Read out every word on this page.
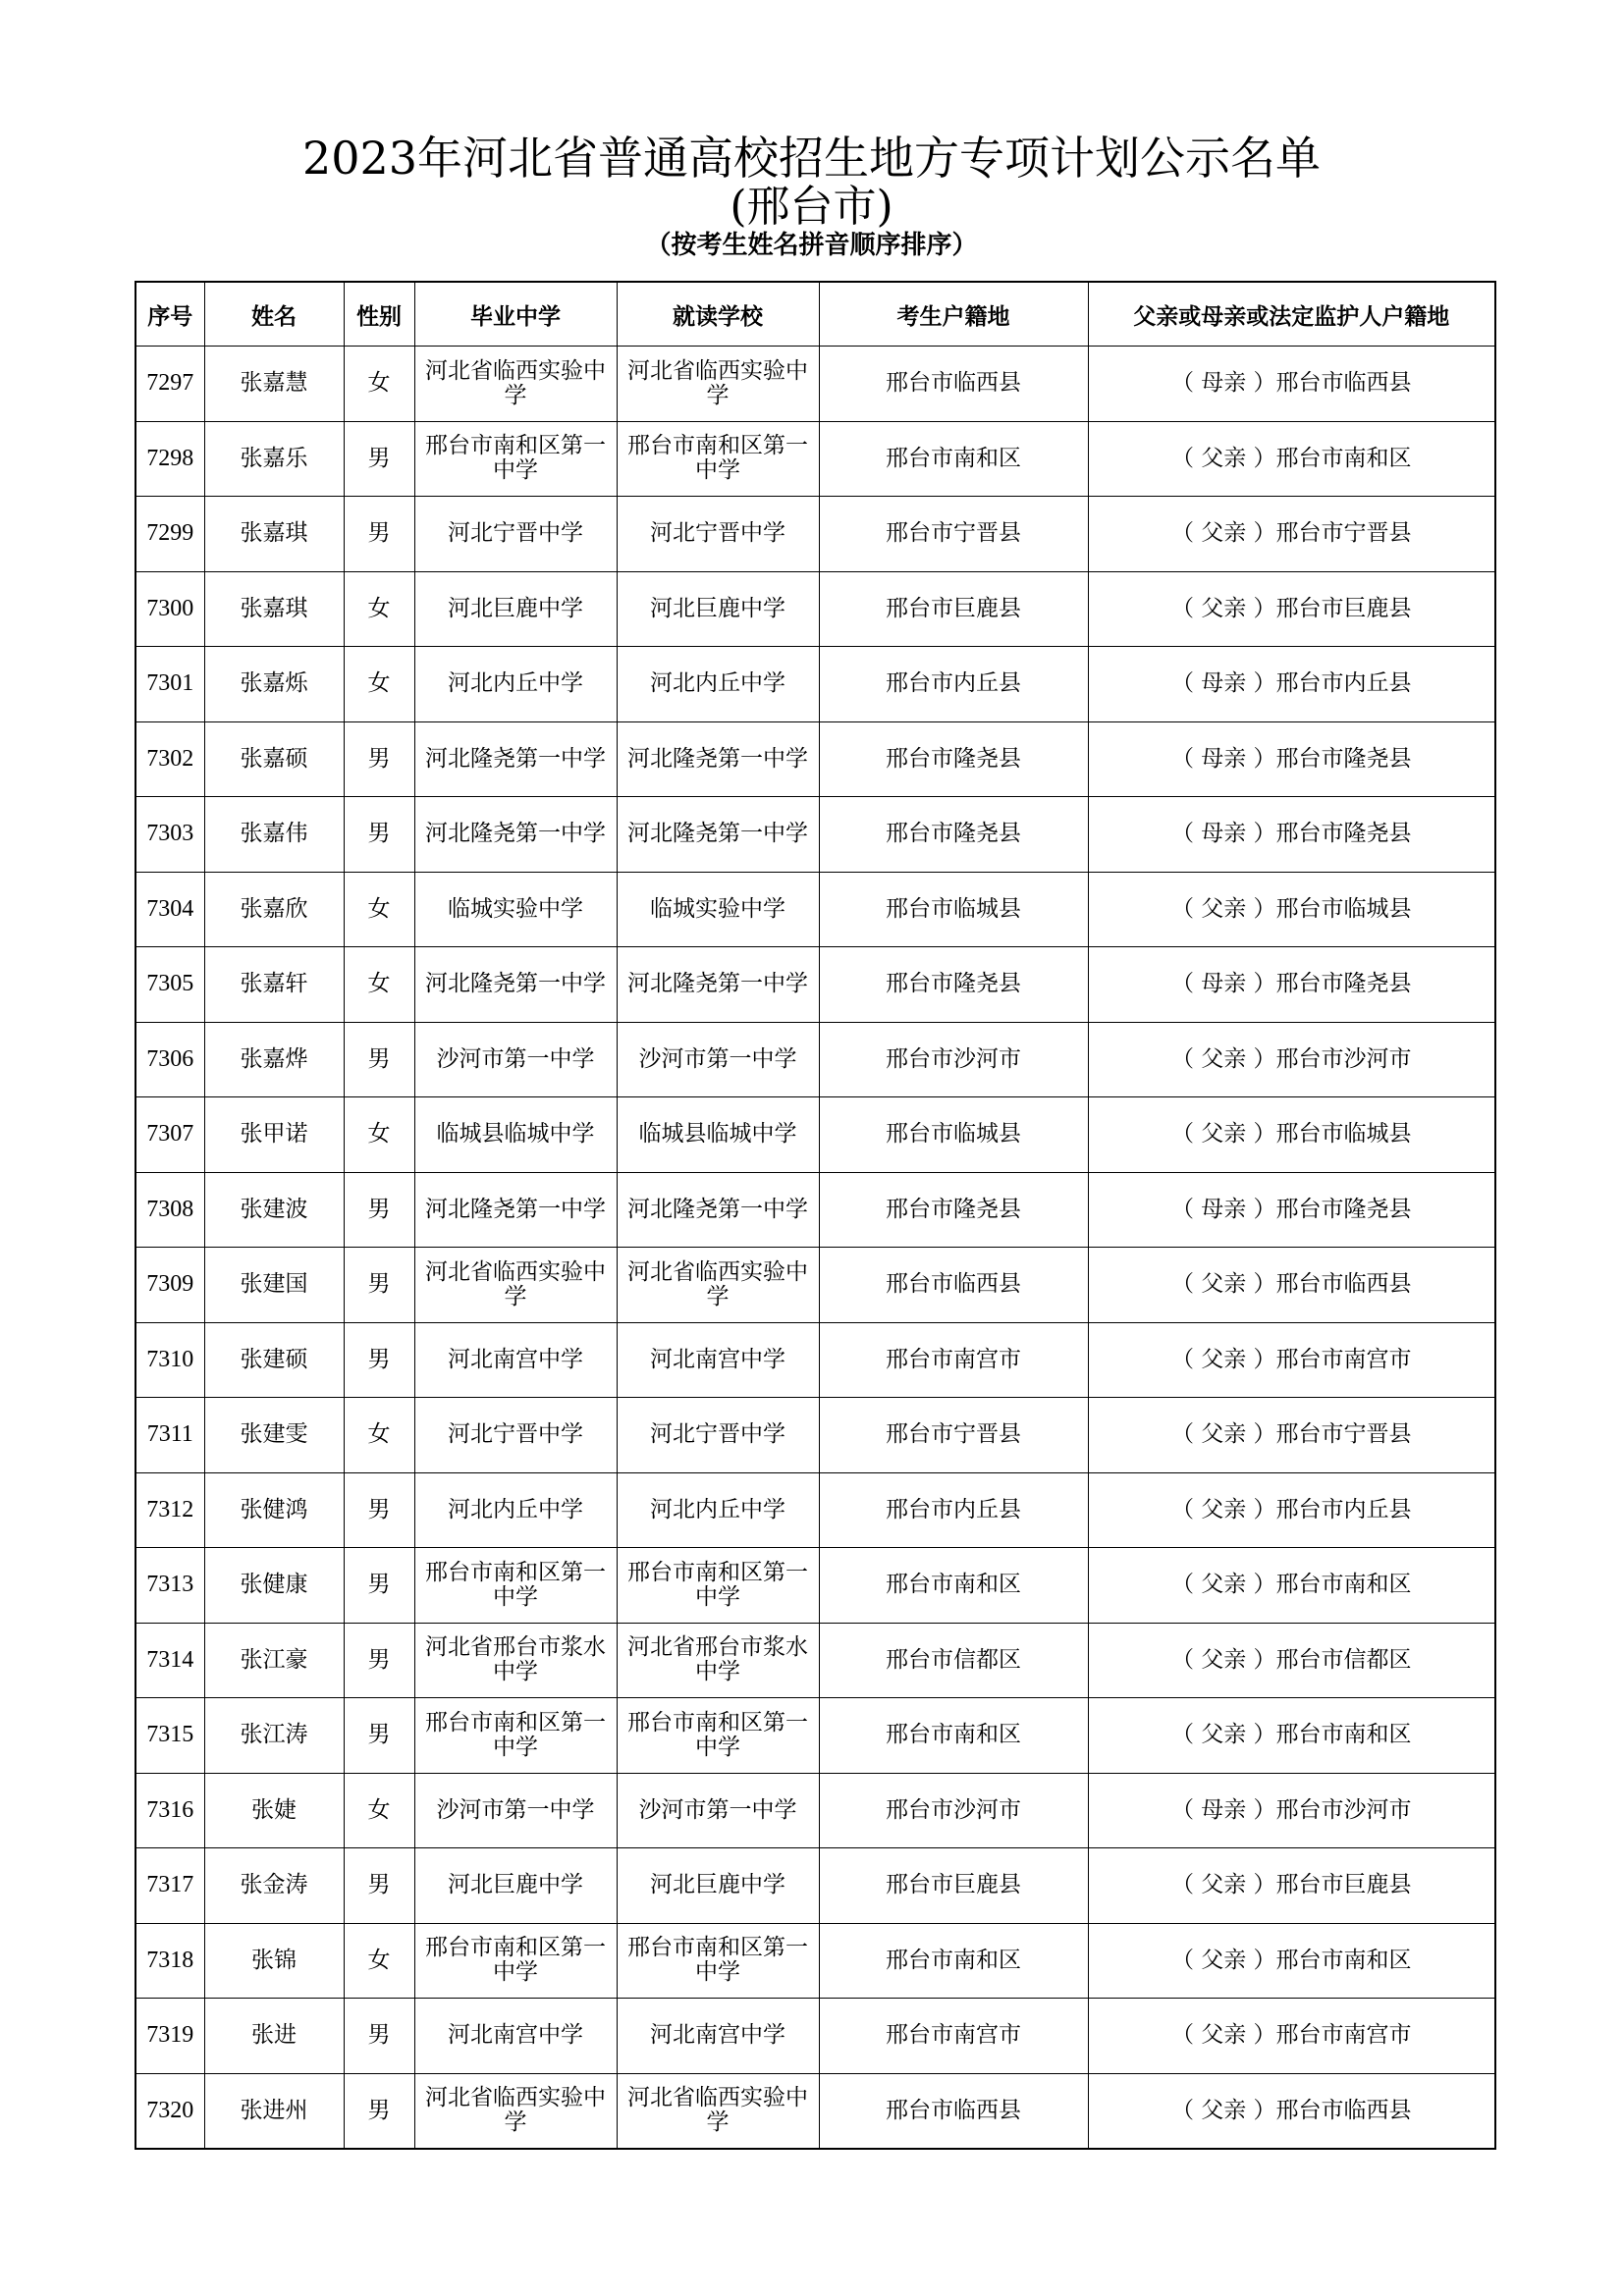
2023年河北省普通高校招生地方专项计划公示名单
(邢台市)
（按考生姓名拼音顺序排序）
序号	姓名	性别	毕业中学	就读学校	考生户籍地	父亲或母亲或法定监护人户籍地
7297	张嘉慧	女	河北省临西实验中学	河北省临西实验中学	邢台市临西县	（ 母亲 ）邢台市临西县
7298	张嘉乐	男	邢台市南和区第一中学	邢台市南和区第一中学	邢台市南和区	（ 父亲 ）邢台市南和区
7299	张嘉琪	男	河北宁晋中学	河北宁晋中学	邢台市宁晋县	（ 父亲 ）邢台市宁晋县
7300	张嘉琪	女	河北巨鹿中学	河北巨鹿中学	邢台市巨鹿县	（ 父亲 ）邢台市巨鹿县
7301	张嘉烁	女	河北内丘中学	河北内丘中学	邢台市内丘县	（ 母亲 ）邢台市内丘县
7302	张嘉硕	男	河北隆尧第一中学	河北隆尧第一中学	邢台市隆尧县	（ 母亲 ）邢台市隆尧县
7303	张嘉伟	男	河北隆尧第一中学	河北隆尧第一中学	邢台市隆尧县	（ 母亲 ）邢台市隆尧县
7304	张嘉欣	女	临城实验中学	临城实验中学	邢台市临城县	（ 父亲 ）邢台市临城县
7305	张嘉轩	女	河北隆尧第一中学	河北隆尧第一中学	邢台市隆尧县	（ 母亲 ）邢台市隆尧县
7306	张嘉烨	男	沙河市第一中学	沙河市第一中学	邢台市沙河市	（ 父亲 ）邢台市沙河市
7307	张甲诺	女	临城县临城中学	临城县临城中学	邢台市临城县	（ 父亲 ）邢台市临城县
7308	张建波	男	河北隆尧第一中学	河北隆尧第一中学	邢台市隆尧县	（ 母亲 ）邢台市隆尧县
7309	张建国	男	河北省临西实验中学	河北省临西实验中学	邢台市临西县	（ 父亲 ）邢台市临西县
7310	张建硕	男	河北南宫中学	河北南宫中学	邢台市南宫市	（ 父亲 ）邢台市南宫市
7311	张建雯	女	河北宁晋中学	河北宁晋中学	邢台市宁晋县	（ 父亲 ）邢台市宁晋县
7312	张健鸿	男	河北内丘中学	河北内丘中学	邢台市内丘县	（ 父亲 ）邢台市内丘县
7313	张健康	男	邢台市南和区第一中学	邢台市南和区第一中学	邢台市南和区	（ 父亲 ）邢台市南和区
7314	张江豪	男	河北省邢台市浆水中学	河北省邢台市浆水中学	邢台市信都区	（ 父亲 ）邢台市信都区
7315	张江涛	男	邢台市南和区第一中学	邢台市南和区第一中学	邢台市南和区	（ 父亲 ）邢台市南和区
7316	张婕	女	沙河市第一中学	沙河市第一中学	邢台市沙河市	（ 母亲 ）邢台市沙河市
7317	张金涛	男	河北巨鹿中学	河北巨鹿中学	邢台市巨鹿县	（ 父亲 ）邢台市巨鹿县
7318	张锦	女	邢台市南和区第一中学	邢台市南和区第一中学	邢台市南和区	（ 父亲 ）邢台市南和区
7319	张进	男	河北南宫中学	河北南宫中学	邢台市南宫市	（ 父亲 ）邢台市南宫市
7320	张进州	男	河北省临西实验中学	河北省临西实验中学	邢台市临西县	（ 父亲 ）邢台市临西县
